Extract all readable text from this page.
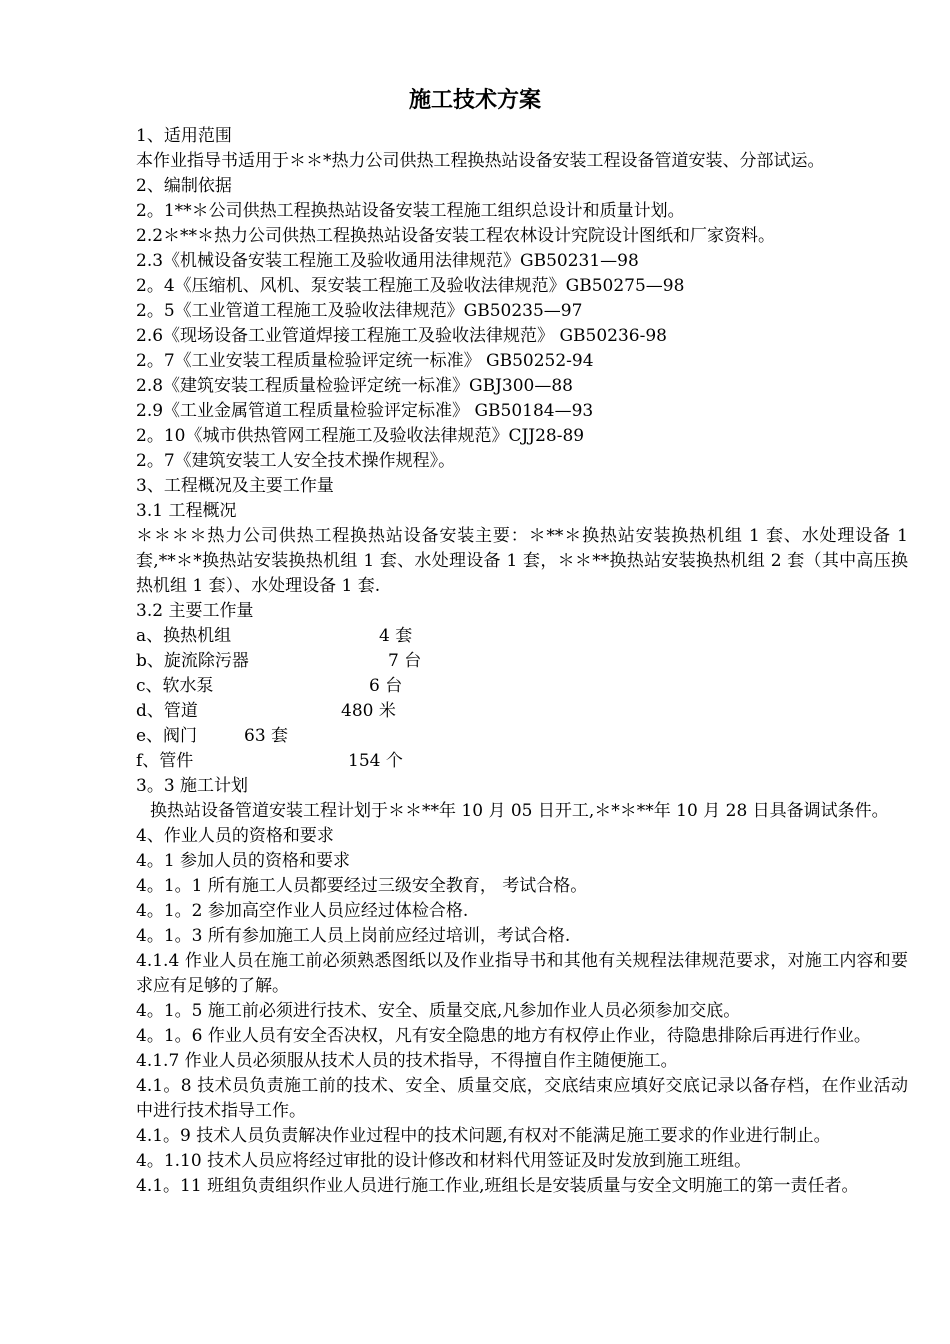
施工技术方案
1、适用范围
本作业指导书适用于＊＊*热力公司供热工程换热站设备安装工程设备管道安装、分部试运。
2、编制依据
2。1**＊公司供热工程换热站设备安装工程施工组织总设计和质量计划。
2.2＊**＊热力公司供热工程换热站设备安装工程农林设计究院设计图纸和厂家资料。
2.3《机械设备安装工程施工及验收通用法律规范》GB50231—98
2。4《压缩机、风机、泵安装工程施工及验收法律规范》GB50275—98
2。5《工业管道工程施工及验收法律规范》GB50235—97
2.6《现场设备工业管道焊接工程施工及验收法律规范》 GB50236-98
2。7《工业安装工程质量检验评定统一标准》 GB50252-94
2.8《建筑安装工程质量检验评定统一标准》GBJ300—88
2.9《工业金属管道工程质量检验评定标准》 GB50184—93
2。10《城市供热管网工程施工及验收法律规范》CJJ28-89
2。7《建筑安装工人安全技术操作规程》。
3、工程概况及主要工作量
3.1 工程概况
＊＊＊＊热力公司供热工程换热站设备安装主要：＊**＊换热站安装换热机组 1 套、水处理设备 1 套,**＊*换热站安装换热机组 1 套、水处理设备 1 套，＊＊**换热站安装换热机组 2 套（其中高压换热机组 1 套）、水处理设备 1 套.
3.2 主要工作量
a、换热机组	4 套
b、旋流除污器	7 台
c、软水泵	6 台
d、管道	480 米
e、阀门	63 套
f、管件	154 个
3。3 施工计划
换热站设备管道安装工程计划于＊＊**年 10 月 05 日开工,＊*＊**年 10 月 28 日具备调试条件。
4、作业人员的资格和要求
4。1 参加人员的资格和要求
4。1。1 所有施工人员都要经过三级安全教育， 考试合格。
4。1。2 参加高空作业人员应经过体检合格.
4。1。3 所有参加施工人员上岗前应经过培训，考试合格.
4.1.4 作业人员在施工前必须熟悉图纸以及作业指导书和其他有关规程法律规范要求，对施工内容和要求应有足够的了解。
4。1。5 施工前必须进行技术、安全、质量交底,凡参加作业人员必须参加交底。
4。1。6 作业人员有安全否决权，凡有安全隐患的地方有权停止作业，待隐患排除后再进行作业。
4.1.7 作业人员必须服从技术人员的技术指导，不得擅自作主随便施工。
4.1。8 技术员负责施工前的技术、安全、质量交底，交底结束应填好交底记录以备存档，在作业活动中进行技术指导工作。
4.1。9 技术人员负责解决作业过程中的技术问题,有权对不能满足施工要求的作业进行制止。
4。1.10 技术人员应将经过审批的设计修改和材料代用签证及时发放到施工班组。
4.1。11 班组负责组织作业人员进行施工作业,班组长是安装质量与安全文明施工的第一责任者。
